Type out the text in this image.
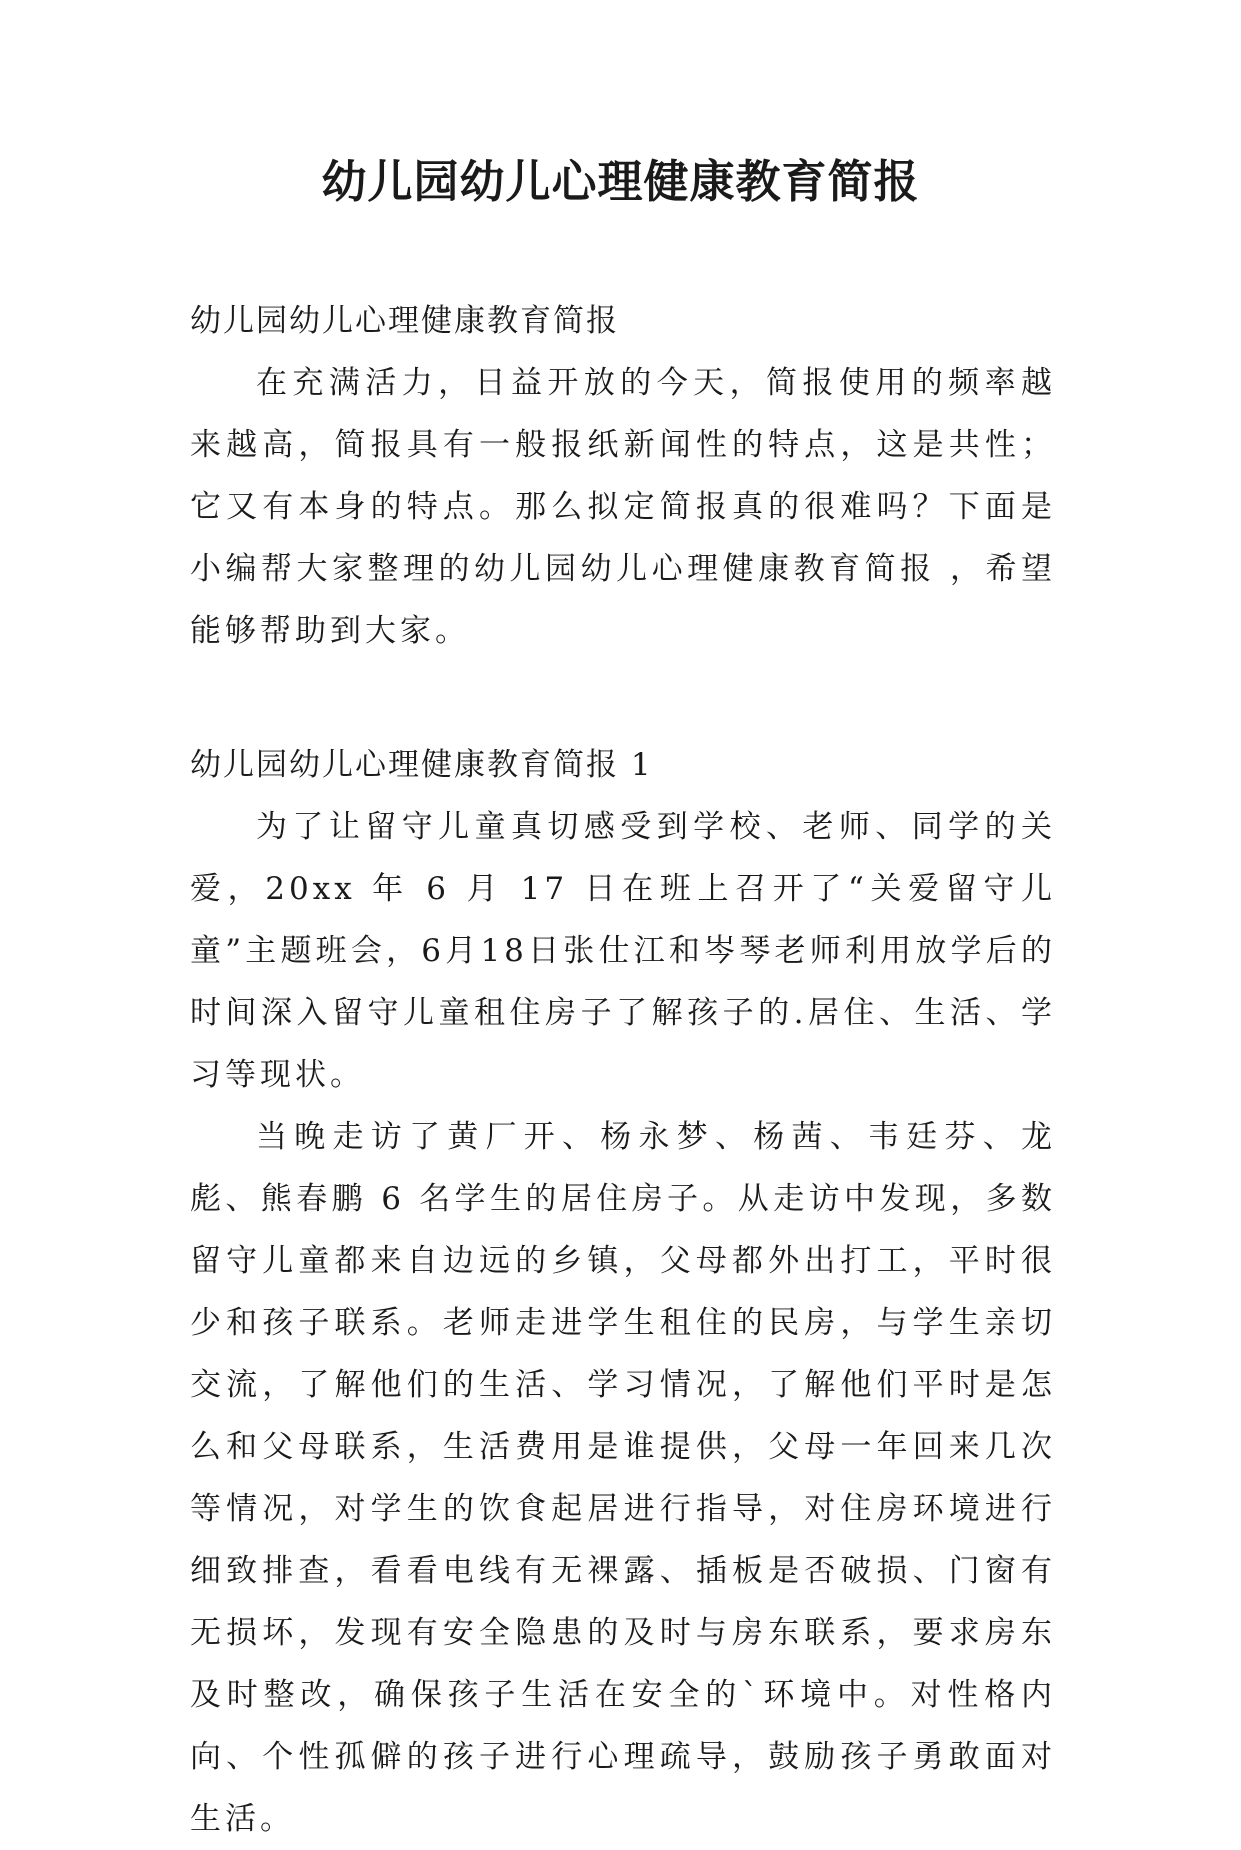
幼儿园幼儿心理健康教育简报

幼儿园幼儿心理健康教育简报

在充满活力，日益开放的今天，简报使用的频率越来越高，简报具有一般报纸新闻性的特点，这是共性；它又有本身的特点。那么拟定简报真的很难吗？下面是小编帮大家整理的幼儿园幼儿心理健康教育简报 ，希望能够帮助到大家。

幼儿园幼儿心理健康教育简报 1

为了让留守儿童真切感受到学校、老师、同学的关爱，20xx 年 6 月 17 日在班上召开了“关爱留守儿童”主题班会，6月18日张仕江和岑琴老师利用放学后的时间深入留守儿童租住房子了解孩子的.居住、生活、学习等现状。

当晚走访了黄厂开、杨永梦、杨茜、韦廷芬、龙彪、熊春鹏 6 名学生的居住房子。从走访中发现，多数留守儿童都来自边远的乡镇，父母都外出打工，平时很少和孩子联系。老师走进学生租住的民房，与学生亲切交流，了解他们的生活、学习情况，了解他们平时是怎么和父母联系，生活费用是谁提供，父母一年回来几次等情况，对学生的饮食起居进行指导，对住房环境进行细致排查，看看电线有无裸露、插板是否破损、门窗有无损坏，发现有安全隐患的及时与房东联系，要求房东及时整改，确保孩子生活在安全的`环境中。对性格内向、个性孤僻的孩子进行心理疏导，鼓励孩子勇敢面对生活。
